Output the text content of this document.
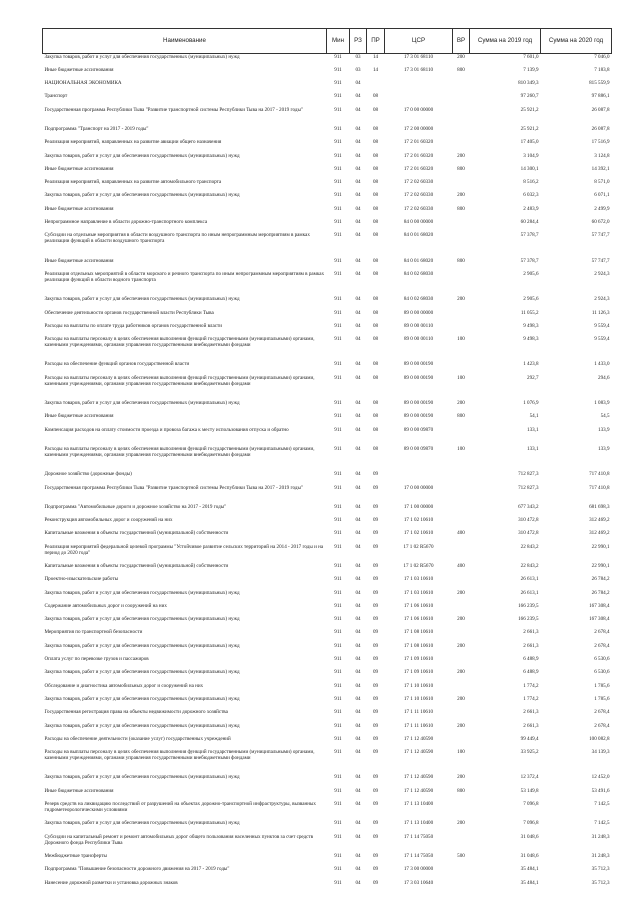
Наименование	Мин	РЗ	ПР	ЦСР	ВР	Сумма на 2019 год	Сумма на 2020 год
Закупка товаров, работ и услуг для обеспечения государственных (муниципальных) нужд	911	03	14	17 3 01 68110	200	7 601,0	7 046,0
Иные бюджетные ассигнования	911	03	14	17 3 01 68110	800	7 139,9	7 183,8
НАЦИОНАЛЬНАЯ ЭКОНОМИКА	911	04				810 349,3	815 559,9
Транспорт	911	04	08			97 260,7	97 886,1
Государственная программа Республики Тыва "Развитие транспортной системы Республики Тыва на 2017 - 2019 годы"	911	04	08	17 0 00 00000		25 921,2	26 087,8
Подпрограмма "Транспорт на 2017 - 2019 годы"	911	04	08	17 2 00 00000		25 921,2	26 087,8
Реализация мероприятий, направленных на развитие авиации общего назначения	911	04	08	17 2 01 60320		17 405,0	17 516,9
Закупка товаров, работ и услуг для обеспечения государственных (муниципальных) нужд	911	04	08	17 2 01 60320	200	3 104,9	3 124,8
Иные бюджетные ассигнования	911	04	08	17 2 01 60320	800	14 300,1	14 392,1
Реализация мероприятий, направленных на развитие автомобильного транспорта	911	04	08	17 2 02 60330		8 516,2	8 571,0
Закупка товаров, работ и услуг для обеспечения государственных (муниципальных) нужд	911	04	08	17 2 02 60330	200	6 032,3	6 071,1
Иные бюджетные ассигнования	911	04	08	17 2 02 60330	800	2 483,9	2 499,9
Непрограммное направление в области дорожно-транспортного комплекса	911	04	08	84 0 00 00000		60 284,4	60 672,0
Субсидии на отдельные мероприятия в области воздушного транспорта по иным непрограммным мероприятиям в рамках реализации функций в области воздушного транспорта	911	04	08	84 0 01 68020		57 378,7	57 747,7
Иные бюджетные ассигнования	911	04	08	84 0 01 68020	800	57 378,7	57 747,7
Реализация отдельных мероприятий в области морского и речного транспорта по иным непрограммным мероприятиям в рамках реализации функций в области водного транспорта	911	04	08	84 0 02 68030		2 905,6	2 924,3
Закупка товаров, работ и услуг для обеспечения государственных (муниципальных) нужд	911	04	08	84 0 02 68030	200	2 905,6	2 924,3
Обеспечение деятельности органов государственной власти Республики Тыва	911	04	08	89 0 00 00000		11 055,2	11 126,3
Расходы на выплаты по оплате труда работников органов государственной власти	911	04	08	89 0 00 00110		9 498,3	9 559,4
Расходы на выплаты персоналу в целях обеспечения выполнения функций государственными (муниципальными) органами, казенными учреждениями, органами управления государственными внебюджетными фондами	911	04	08	89 0 00 00110	100	9 498,3	9 559,4
Расходы на обеспечение функций органов государственной власти	911	04	08	89 0 00 00190		1 423,8	1 433,0
Расходы на выплаты персоналу в целях обеспечения выполнения функций государственными (муниципальными) органами, казенными учреждениями, органами управления государственными внебюджетными фондами	911	04	08	89 0 00 00190	100	292,7	294,6
Закупка товаров, работ и услуг для обеспечения государственных (муниципальных) нужд	911	04	08	89 0 00 00190	200	1 076,9	1 083,9
Иные бюджетные ассигнования	911	04	08	89 0 00 00190	800	54,1	54,5
Компенсация расходов на оплату стоимости проезда и провоза багажа к месту использования отпуска и обратно	911	04	08	89 0 00 09870		133,1	133,9
Расходы на выплаты персоналу в целях обеспечения выполнения функций государственными (муниципальными) органами, казенными учреждениями, органами управления государственными внебюджетными фондами	911	04	08	89 0 00 09870	100	133,1	133,9
Дорожное хозяйство (дорожные фонды)	911	04	09			712 827,3	717 410,8
Государственная программа Республики Тыва "Развитие транспортной системы Республики Тыва на 2017 - 2019 годы"	911	04	09	17 0 00 00000		712 827,3	717 410,8
Подпрограмма "Автомобильные дороги и дорожное хозяйство на 2017 - 2019 годы"	911	04	09	17 1 00 00000		677 343,2	681 698,3
Реконструкция автомобильных дорог и сооружений на них	911	04	09	17 1 02 10610		310 472,8	312 469,2
Капитальные вложения в объекты государственной (муниципальной) собственности	911	04	09	17 1 02 10610	400	310 472,8	312 469,2
Реализация мероприятий федеральной целевой программы "Устойчивое развитие сельских территорий на 2014 - 2017 годы и на период до 2020 года"	911	04	09	17 1 02 R5670		22 843,2	22 990,1
Капитальные вложения в объекты государственной (муниципальной) собственности	911	04	09	17 1 02 R5670	400	22 843,2	22 990,1
Проектно-изыскательские работы	911	04	09	17 1 03 10610		26 613,1	26 784,2
Закупка товаров, работ и услуг для обеспечения государственных (муниципальных) нужд	911	04	09	17 1 03 10610	200	26 613,1	26 784,2
Содержание автомобильных дорог и сооружений на них	911	04	09	17 1 06 10610		166 239,5	167 308,4
Закупка товаров, работ и услуг для обеспечения государственных (муниципальных) нужд	911	04	09	17 1 06 10610	200	166 239,5	167 308,4
Мероприятия по транспортной безопасности	911	04	09	17 1 08 10610		2 661,3	2 678,4
Закупка товаров, работ и услуг для обеспечения государственных (муниципальных) нужд	911	04	09	17 1 08 10610	200	2 661,3	2 678,4
Оплата услуг по перевозке грузов и пассажиров	911	04	09	17 1 09 10610		6 488,9	6 530,6
Закупка товаров, работ и услуг для обеспечения государственных (муниципальных) нужд	911	04	09	17 1 09 10610	200	6 488,9	6 530,6
Обследование и диагностика автомобильных дорог и сооружений на них	911	04	09	17 1 10 10610		1 774,2	1 785,6
Закупка товаров, работ и услуг для обеспечения государственных (муниципальных) нужд	911	04	09	17 1 10 10610	200	1 774,2	1 785,6
Государственная регистрация права на объекты недвижимости дорожного хозяйства	911	04	09	17 1 11 10610		2 661,3	2 678,4
Закупка товаров, работ и услуг для обеспечения государственных (муниципальных) нужд	911	04	09	17 1 11 10610	200	2 661,3	2 678,4
Расходы на обеспечение деятельности (оказание услуг) государственных учреждений	911	04	09	17 1 12 40590		99 449,4	100 082,8
Расходы на выплаты персоналу в целях обеспечения выполнения функций государственными (муниципальными) органами, казенными учреждениями, органами управления государственными внебюджетными фондами	911	04	09	17 1 12 40590	100	33 925,2	34 139,3
Закупка товаров, работ и услуг для обеспечения государственных (муниципальных) нужд	911	04	09	17 1 12 40590	200	12 372,4	12 452,0
Иные бюджетные ассигнования	911	04	09	17 1 12 40590	800	53 149,8	53 491,6
Резерв средств на ликвидацию последствий от разрушений на объектах дорожно-транспортной инфраструктуры, вызванных гидрометеорологическими условиями	911	04	09	17 1 13 10400		7 096,8	7 142,5
Закупка товаров, работ и услуг для обеспечения государственных (муниципальных) нужд	911	04	09	17 1 13 10400	200	7 096,8	7 142,5
Субсидии на капитальный ремонт и ремонт автомобильных дорог общего пользования населенных пунктов за счет средств Дорожного фонда Республики Тыва	911	04	09	17 1 14 75050		31 048,6	31 248,3
Межбюджетные трансферты	911	04	09	17 1 14 75050	500	31 048,6	31 248,3
Подпрограмма "Повышение безопасности дорожного движения на 2017 - 2019 годы"	911	04	09	17 3 00 00000		35 484,1	35 712,3
Нанесение дорожной разметки и установка дорожных знаков	911	04	09	17 3 03 10640		35 484,1	35 712,3
